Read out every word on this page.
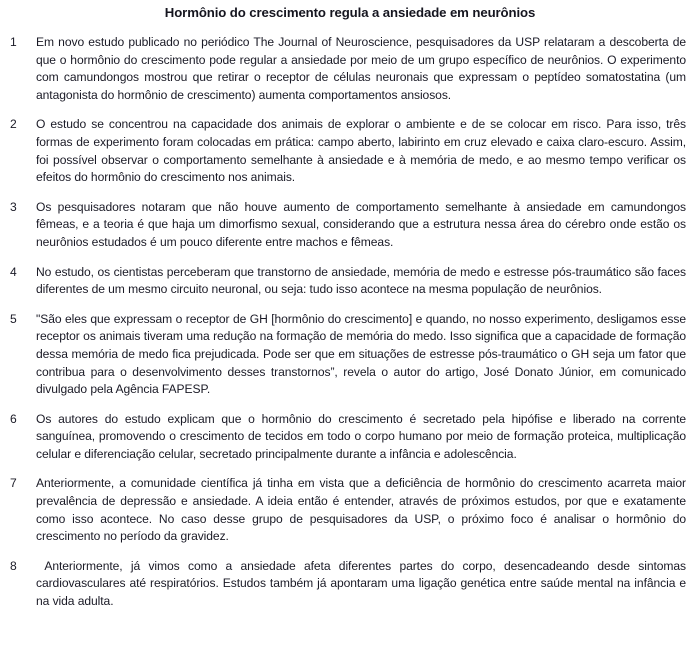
Hormônio do crescimento regula a ansiedade em neurônios
1	Em novo estudo publicado no periódico The Journal of Neuroscience, pesquisadores da USP relataram a descoberta de que o hormônio do crescimento pode regular a ansiedade por meio de um grupo específico de neurônios. O experimento com camundongos mostrou que retirar o receptor de células neuronais que expressam o peptídeo somatostatina (um antagonista do hormônio de crescimento) aumenta comportamentos ansiosos.
2	O estudo se concentrou na capacidade dos animais de explorar o ambiente e de se colocar em risco. Para isso, três formas de experimento foram colocadas em prática: campo aberto, labirinto em cruz elevado e caixa claro-escuro. Assim, foi possível observar o comportamento semelhante à ansiedade e à memória de medo, e ao mesmo tempo verificar os efeitos do hormônio do crescimento nos animais.
3	Os pesquisadores notaram que não houve aumento de comportamento semelhante à ansiedade em camundongos fêmeas, e a teoria é que haja um dimorfismo sexual, considerando que a estrutura nessa área do cérebro onde estão os neurônios estudados é um pouco diferente entre machos e fêmeas.
4	No estudo, os cientistas perceberam que transtorno de ansiedade, memória de medo e estresse pós-traumático são faces diferentes de um mesmo circuito neuronal, ou seja: tudo isso acontece na mesma população de neurônios.
5	"São eles que expressam o receptor de GH [hormônio do crescimento] e quando, no nosso experimento, desligamos esse receptor os animais tiveram uma redução na formação de memória do medo. Isso significa que a capacidade de formação dessa memória de medo fica prejudicada. Pode ser que em situações de estresse pós-traumático o GH seja um fator que contribua para o desenvolvimento desses transtornos”, revela o autor do artigo, José Donato Júnior, em comunicado divulgado pela Agência FAPESP.
6	Os autores do estudo explicam que o hormônio do crescimento é secretado pela hipófise e liberado na corrente sanguínea, promovendo o crescimento de tecidos em todo o corpo humano por meio de formação proteica, multiplicação celular e diferenciação celular, secretado principalmente durante a infância e adolescência.
7	Anteriormente, a comunidade científica já tinha em vista que a deficiência de hormônio do crescimento acarreta maior prevalência de depressão e ansiedade. A ideia então é entender, através de próximos estudos, por que e exatamente como isso acontece. No caso desse grupo de pesquisadores da USP, o próximo foco é analisar o hormônio do crescimento no período da gravidez.
8	Anteriormente, já vimos como a ansiedade afeta diferentes partes do corpo, desencadeando desde sintomas cardiovasculares até respiratórios. Estudos também já apontaram uma ligação genética entre saúde mental na infância e na vida adulta.
